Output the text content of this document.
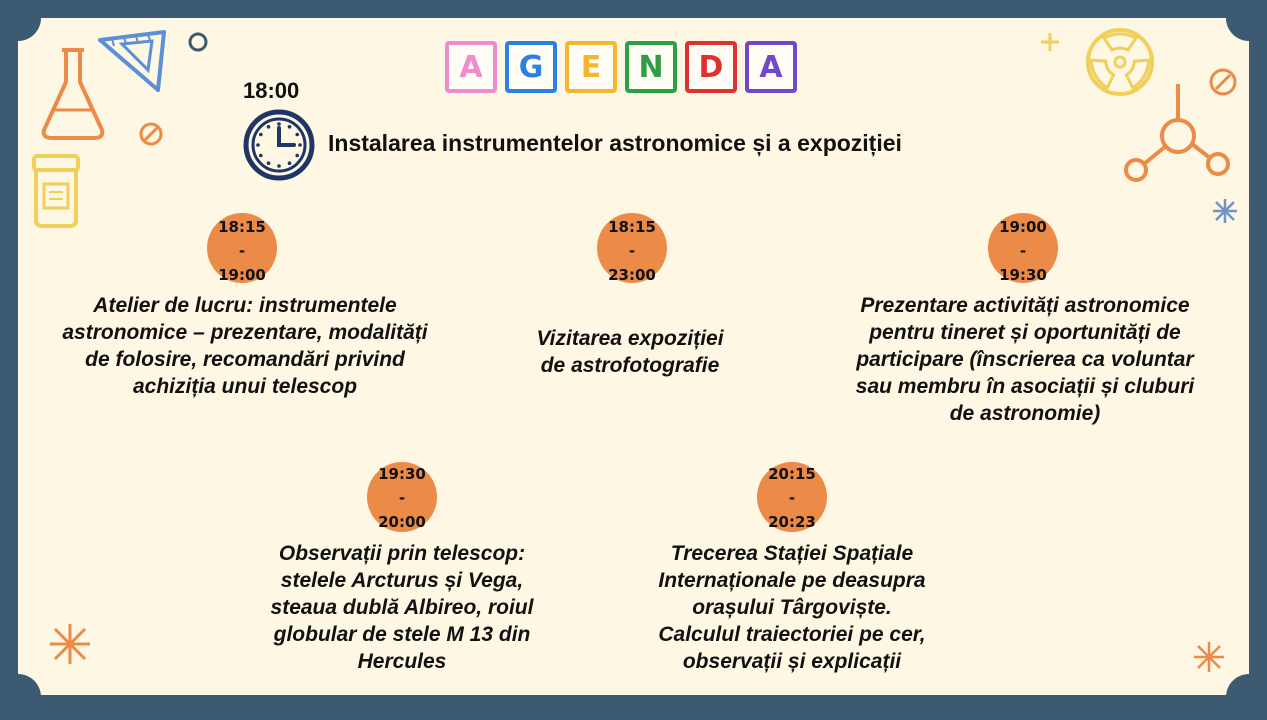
A	G	E	N	D	A
18:00
Instalarea instrumentelor astronomice și a expoziției
18:15
-
19:00
Atelier de lucru: instrumentele
astronomice – prezentare, modalități
de folosire, recomandări privind
achiziția unui telescop
18:15
-
23:00
Vizitarea expoziției
de astrofotografie
19:00
-
19:30
Prezentare activități astronomice
pentru tineret și oportunități de
participare (înscrierea ca voluntar
sau membru în asociații și cluburi
de astronomie)
19:30
-
20:00
Observații prin telescop:
stelele Arcturus și Vega,
steaua dublă Albireo, roiul
globular de stele M 13 din
Hercules
20:15
-
20:23
Trecerea Stației Spațiale
Internaționale pe deasupra
orașului Târgoviște.
Calculul traiectoriei pe cer,
observații și explicații
